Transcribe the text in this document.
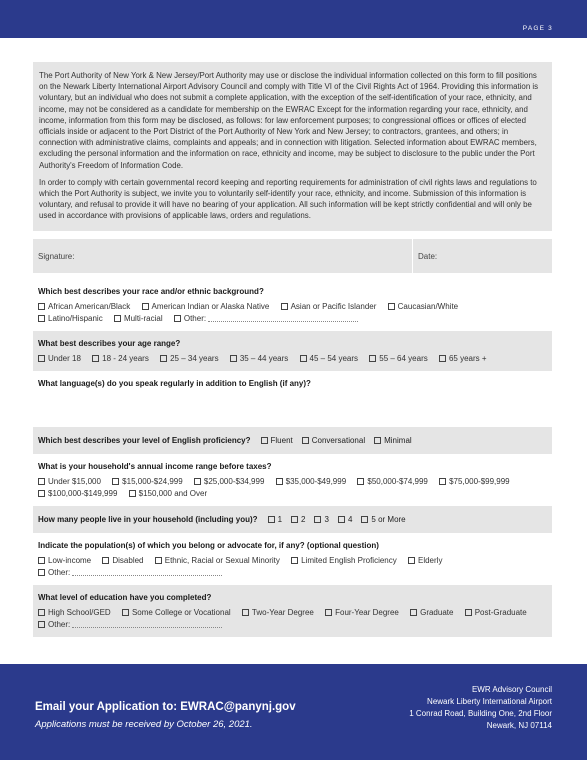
PAGE 3

The Port Authority of New York & New Jersey/Port Authority may use or disclose the individual information collected on this form to fill positions on the Newark Liberty International Airport Advisory Council and comply with Title VI of the Civil Rights Act of 1964. Providing this information is voluntary, but an individual who does not submit a complete application, with the exception of the self-identification of your race, ethnicity, and income, may not be considered as a candidate for membership on the EWRAC Except for the information regarding your race, ethnicity, and income, information from this form may be disclosed, as follows: for law enforcement purposes; to congressional offices or offices of elected officials inside or adjacent to the Port District of the Port Authority of New York and New Jersey; to contractors, grantees, and others; in connection with administrative claims, complaints and appeals; and in connection with litigation. Selected information about EWRAC members, excluding the personal information and the information on race, ethnicity and income, may be subject to disclosure to the public under the Port Authority's Freedom of Information Code.

In order to comply with certain governmental record keeping and reporting requirements for administration of civil rights laws and regulations to which the Port Authority is subject, we invite you to voluntarily self-identify your race, ethnicity, and income. Submission of this information is voluntary, and refusal to provide it will have no bearing of your application. All such information will be kept strictly confidential and will only be used in accordance with provisions of applicable laws, orders and regulations.

Signature:	Date:
Which best describes your race and/or ethnic background?
African American/Black	American Indian or Alaska Native	Asian or Pacific Islander	Caucasian/White
Latino/Hispanic	Multi-racial	Other:
What best describes your age range?
Under 18	18 - 24 years	25 – 34 years	35 – 44 years	45 – 54 years	55 – 64 years	65 years +
What language(s) do you speak regularly in addition to English (if any)?
Which best describes your level of English proficiency?	Fluent	Conversational	Minimal
What is your household's annual income range before taxes?
Under $15,000	$15,000-$24,999	$25,000-$34,999	$35,000-$49,999	$50,000-$74,999	$75,000-$99,999
$100,000-$149,999	$150,000 and Over
How many people live in your household (including you)?	1	2	3	4	5 or More
Indicate the population(s) of which you belong or advocate for, if any? (optional question)
Low-income	Disabled	Ethnic, Racial or Sexual Minority	Limited English Proficiency	Elderly
Other:
What level of education have you completed?
High School/GED	Some College or Vocational	Two-Year Degree	Four-Year Degree	Graduate	Post-Graduate
Other:
Email your Application to: EWRAC@panynj.gov
Applications must be received by October 26, 2021.
EWR Advisory Council
Newark Liberty International Airport
1 Conrad Road, Building One, 2nd Floor
Newark, NJ 07114
